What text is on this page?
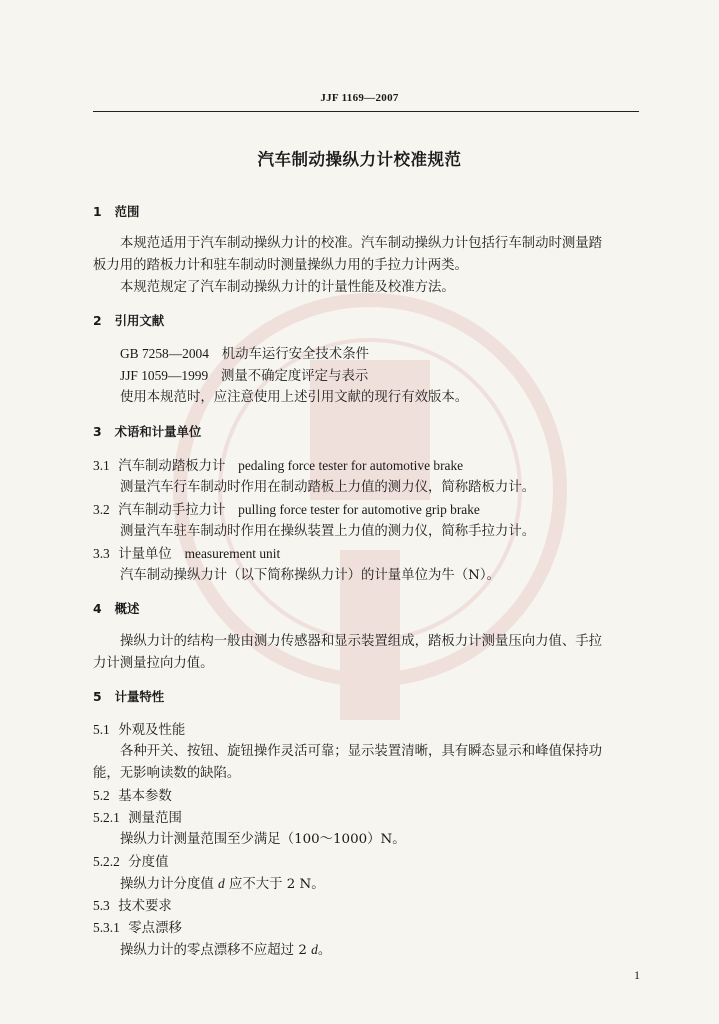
JJF 1169—2007
汽车制动操纵力计校准规范
1 范围
本规范适用于汽车制动操纵力计的校准。汽车制动操纵力计包括行车制动时测量踏
板力用的踏板力计和驻车制动时测量操纵力用的手拉力计两类。
本规范规定了汽车制动操纵力计的计量性能及校准方法。
2 引用文献
GB 7258—2004 机动车运行安全技术条件
JJF 1059—1999 测量不确定度评定与表示
使用本规范时，应注意使用上述引用文献的现行有效版本。
3 术语和计量单位
3.1 汽车制动踏板力计 pedaling force tester for automotive brake
测量汽车行车制动时作用在制动踏板上力值的测力仪，简称踏板力计。
3.2 汽车制动手拉力计 pulling force tester for automotive grip brake
测量汽车驻车制动时作用在操纵装置上力值的测力仪，简称手拉力计。
3.3 计量单位 measurement unit
汽车制动操纵力计（以下简称操纵力计）的计量单位为牛（N）。
4 概述
操纵力计的结构一般由测力传感器和显示装置组成，踏板力计测量压向力值、手拉
力计测量拉向力值。
5 计量特性
5.1 外观及性能
各种开关、按钮、旋钮操作灵活可靠；显示装置清晰，具有瞬态显示和峰值保持功
能，无影响读数的缺陷。
5.2 基本参数
5.2.1 测量范围
操纵力计测量范围至少满足（100～1000）N。
5.2.2 分度值
操纵力计分度值 d 应不大于 2 N。
5.3 技术要求
5.3.1 零点漂移
操纵力计的零点漂移不应超过 2 d。
1
